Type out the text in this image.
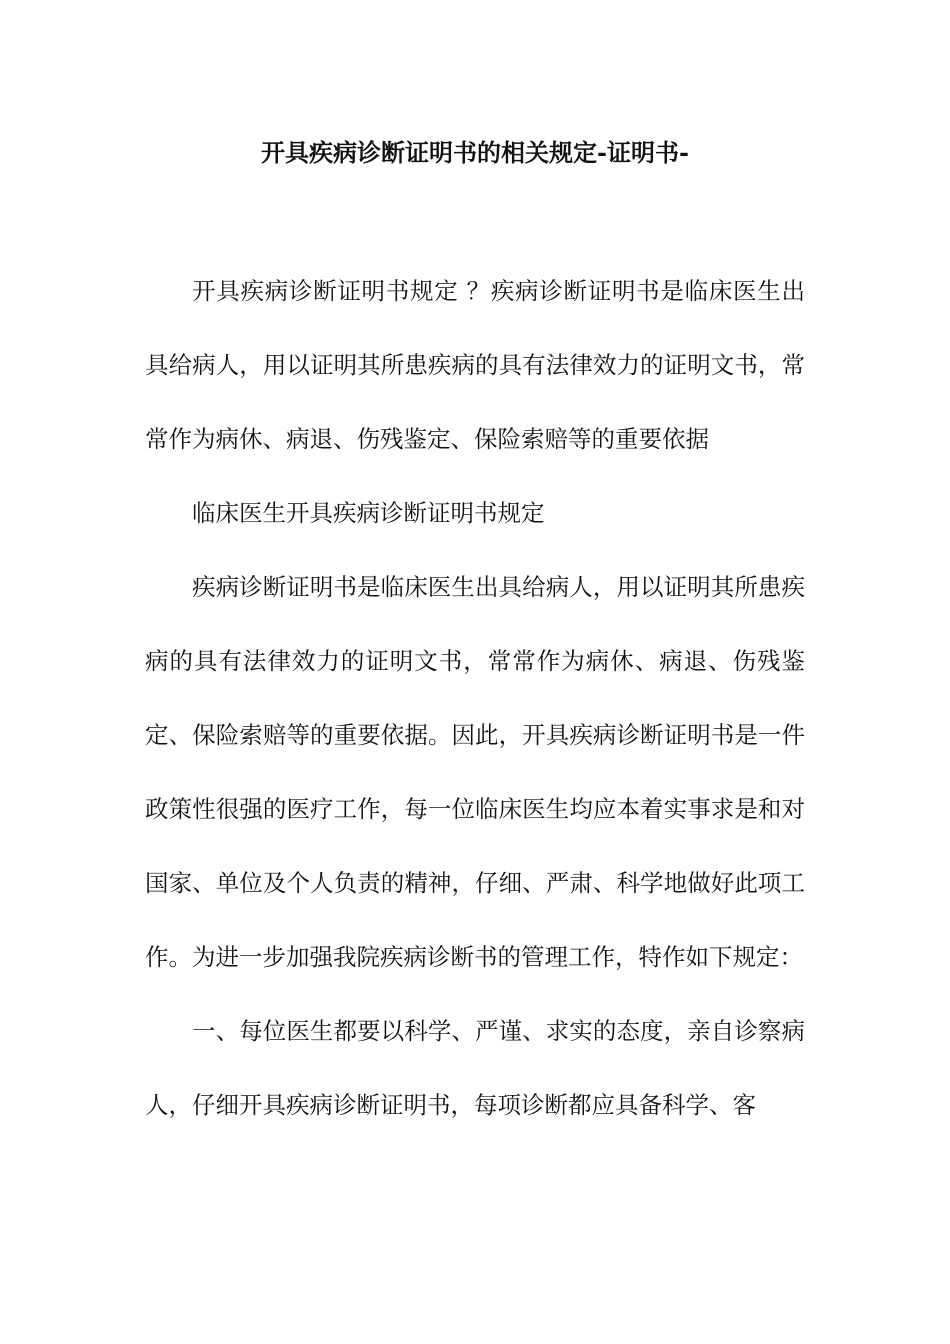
开具疾病诊断证明书的相关规定-证明书-

开具疾病诊断证明书规定 ？疾病诊断证明书是临床医生出具给病人，用以证明其所患疾病的具有法律效力的证明文书，常常作为病休、病退、伤残鉴定、保险索赔等的重要依据

临床医生开具疾病诊断证明书规定

疾病诊断证明书是临床医生出具给病人，用以证明其所患疾病的具有法律效力的证明文书，常常作为病休、病退、伤残鉴定、保险索赔等的重要依据。因此，开具疾病诊断证明书是一件政策性很强的医疗工作，每一位临床医生均应本着实事求是和对国家、单位及个人负责的精神，仔细、严肃、科学地做好此项工作。为进一步加强我院疾病诊断书的管理工作，特作如下规定：

一、每位医生都要以科学、严谨、求实的态度，亲自诊察病人，仔细开具疾病诊断证明书，每项诊断都应具备科学、客
